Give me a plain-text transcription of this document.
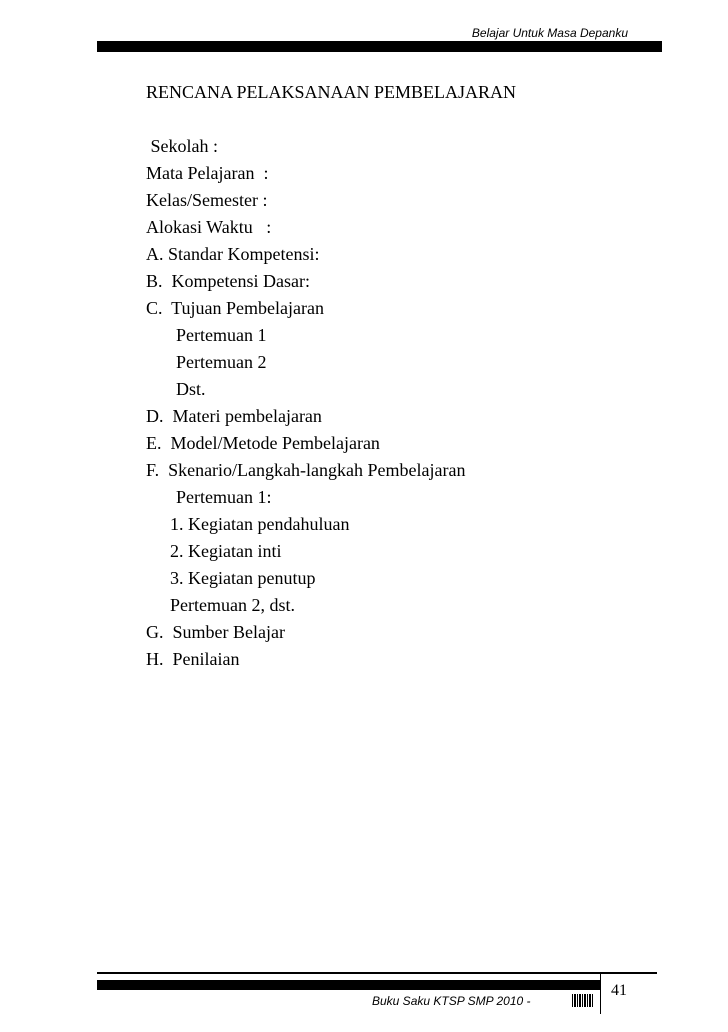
Belajar Untuk Masa Depanku
RENCANA PELAKSANAAN PEMBELAJARAN
Sekolah :
Mata Pelajaran  :
Kelas/Semester :
Alokasi Waktu   :
A. Standar Kompetensi:
B.  Kompetensi Dasar:
C.  Tujuan Pembelajaran
Pertemuan 1
Pertemuan 2
Dst.
D.  Materi pembelajaran
E.  Model/Metode Pembelajaran
F.  Skenario/Langkah-langkah Pembelajaran
Pertemuan 1:
1. Kegiatan pendahuluan
2. Kegiatan inti
3. Kegiatan penutup
Pertemuan 2, dst.
G.  Sumber Belajar
H.  Penilaian
41
Buku Saku KTSP SMP 2010 -
